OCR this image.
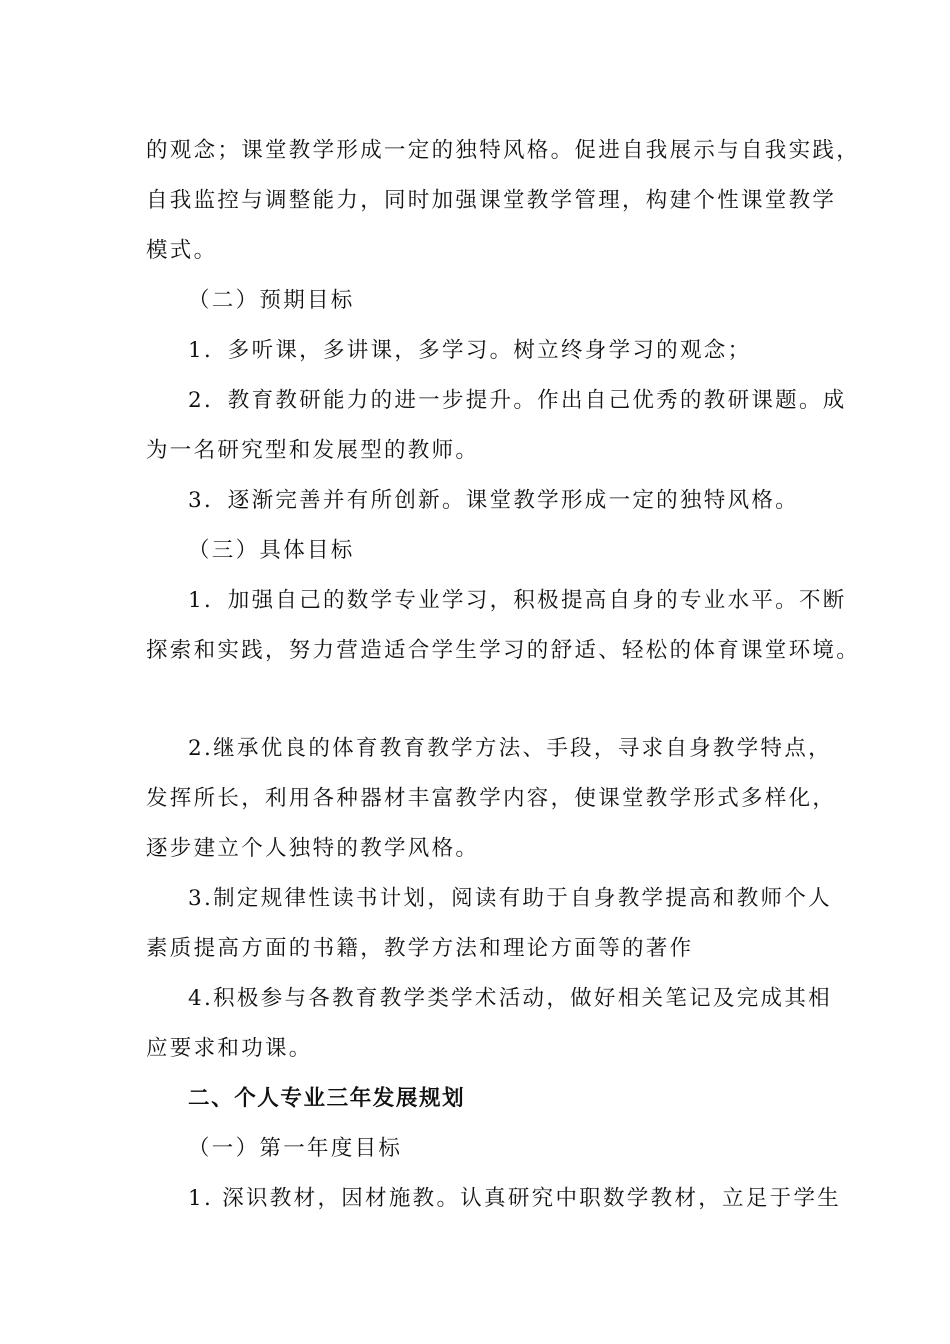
的观念；课堂教学形成一定的独特风格。促进自我展示与自我实践，
自我监控与调整能力，同时加强课堂教学管理，构建个性课堂教学
模式。
（二）预期目标
1．多听课，多讲课，多学习。树立终身学习的观念；
2．教育教研能力的进一步提升。作出自己优秀的教研课题。成
为一名研究型和发展型的教师。
3．逐渐完善并有所创新。课堂教学形成一定的独特风格。
（三）具体目标
1．加强自己的数学专业学习，积极提高自身的专业水平。不断
探索和实践，努力营造适合学生学习的舒适、轻松的体育课堂环境。
2.继承优良的体育教育教学方法、手段，寻求自身教学特点，
发挥所长，利用各种器材丰富教学内容，使课堂教学形式多样化，
逐步建立个人独特的教学风格。
3.制定规律性读书计划，阅读有助于自身教学提高和教师个人
素质提高方面的书籍，教学方法和理论方面等的著作
4.积极参与各教育教学类学术活动，做好相关笔记及完成其相
应要求和功课。
二、个人专业三年发展规划
（一）第一年度目标
1. 深识教材，因材施教。认真研究中职数学教材，立足于学生
